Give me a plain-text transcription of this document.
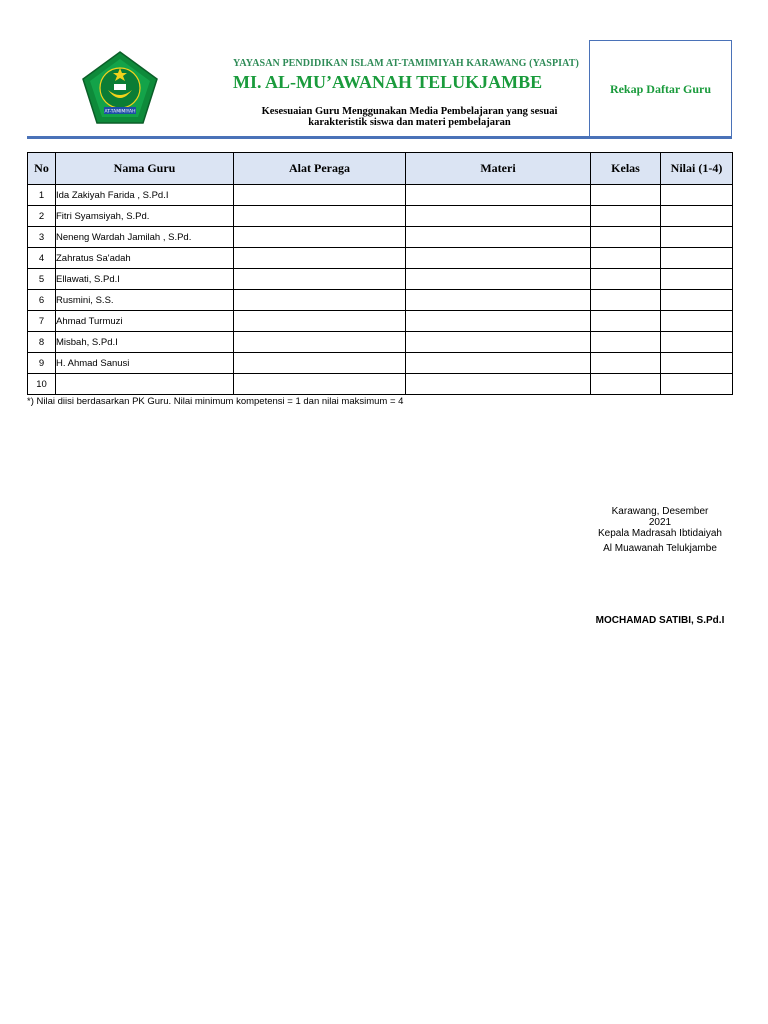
AT-TAMIMIYAH
YAYASAN PENDIDIKAN ISLAM AT-TAMIMIYAH KARAWANG (YASPIAT)
MI. AL-MU’AWANAH TELUKJAMBE
Kesesuaian Guru Menggunakan Media Pembelajaran yang sesuai
karakteristik siswa dan materi pembelajaran
Rekap Daftar Guru
No	Nama Guru	Alat Peraga	Materi	Kelas	Nilai (1-4)
1	Ida Zakiyah Farida , S.Pd.I				
2	Fitri Syamsiyah, S.Pd.				
3	Neneng Wardah Jamilah , S.Pd.				
4	Zahratus Sa'adah				
5	Ellawati, S.Pd.I				
6	Rusmini, S.S.				
7	Ahmad Turmuzi				
8	Misbah, S.Pd.I				
9	H. Ahmad Sanusi				
10					
*) Nilai diisi berdasarkan PK Guru. Nilai minimum kompetensi = 1 dan nilai maksimum = 4
Karawang, Desember
2021
Kepala Madrasah Ibtidaiyah
Al Muawanah Telukjambe
MOCHAMAD SATIBI, S.Pd.I
